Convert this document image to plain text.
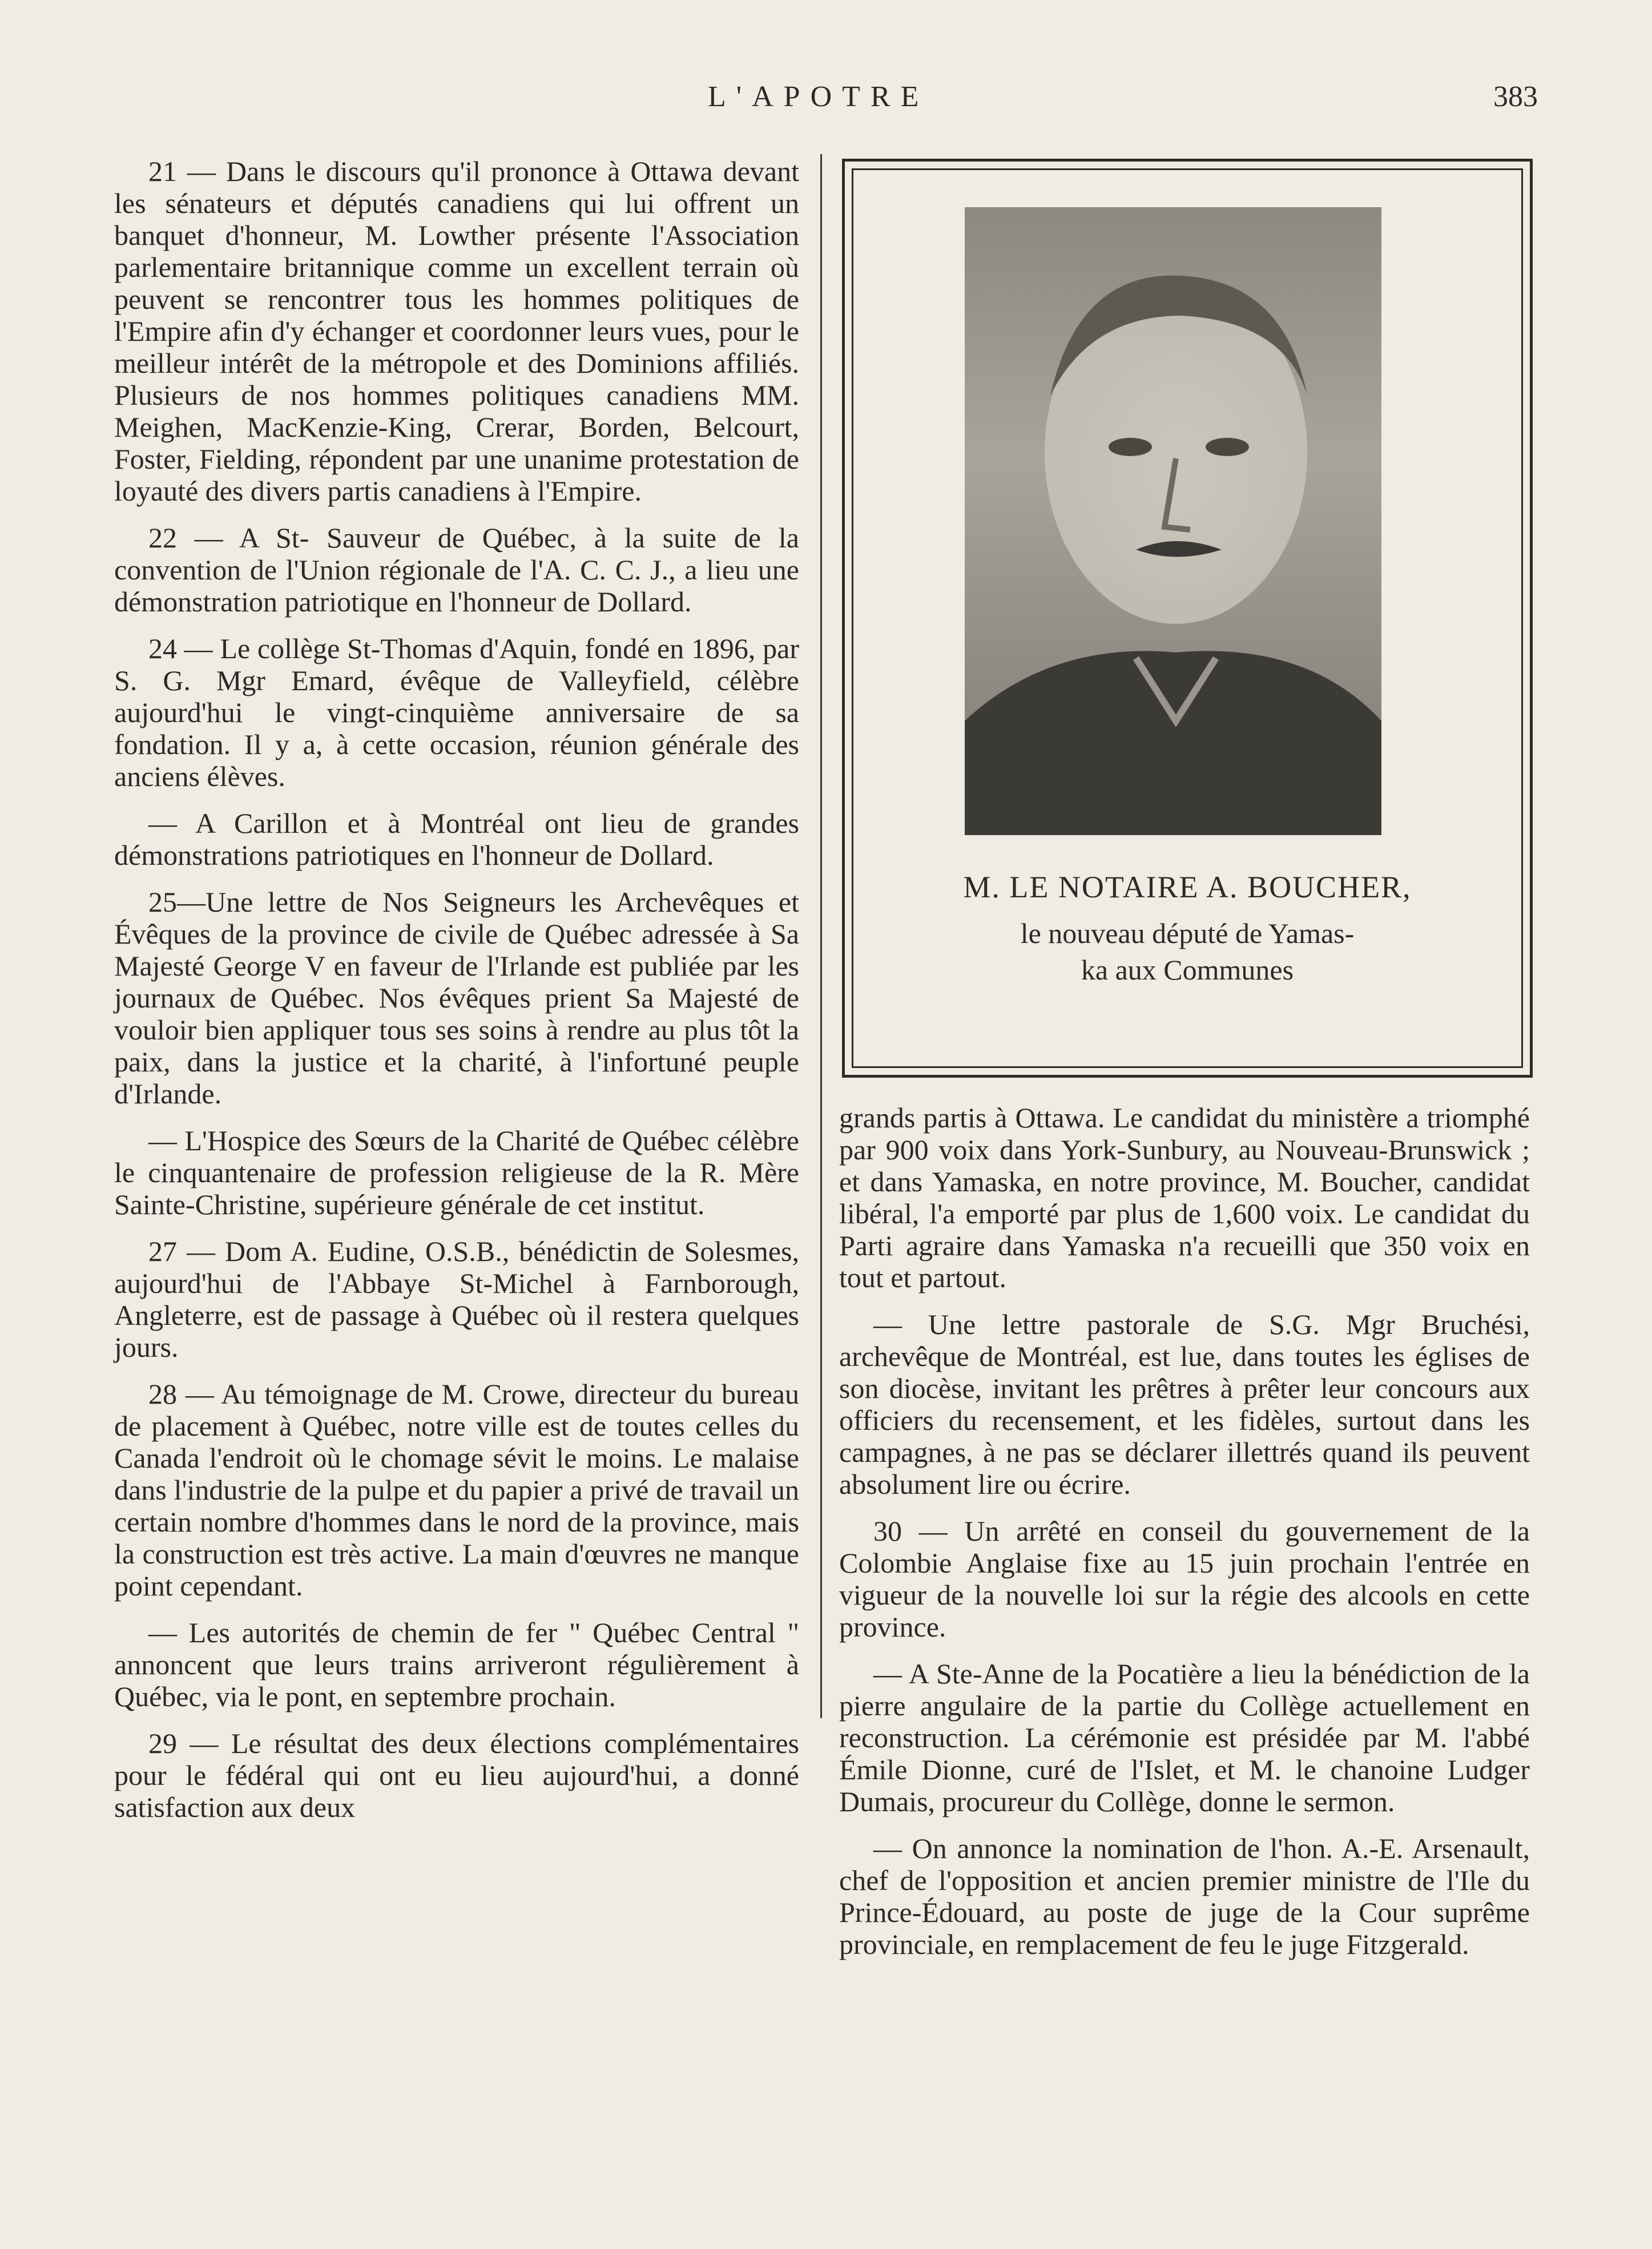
L'APOTRE	383

21 — Dans le discours qu'il prononce à Ottawa devant les sénateurs et députés canadiens qui lui offrent un banquet d'honneur, M. Lowther présente l'Association parlementaire britannique comme un excellent terrain où peuvent se rencontrer tous les hommes politiques de l'Empire afin d'y échanger et coordonner leurs vues, pour le meilleur intérêt de la métropole et des Dominions affiliés. Plusieurs de nos hommes politiques canadiens MM. Meighen, MacKenzie-King, Crerar, Borden, Belcourt, Foster, Fielding, répondent par une unanime protestation de loyauté des divers partis canadiens à l'Empire.

22 — A St- Sauveur de Québec, à la suite de la convention de l'Union régionale de l'A. C. C. J., a lieu une démonstration patriotique en l'honneur de Dollard.

24 — Le collège St-Thomas d'Aquin, fondé en 1896, par S. G. Mgr Emard, évêque de Valleyfield, célèbre aujourd'hui le vingt-cinquième anniversaire de sa fondation. Il y a, à cette occasion, réunion générale des anciens élèves.

— A Carillon et à Montréal ont lieu de grandes démonstrations patriotiques en l'honneur de Dollard.

25—Une lettre de Nos Seigneurs les Archevêques et Évêques de la province de civile de Québec adressée à Sa Majesté George V en faveur de l'Irlande est publiée par les journaux de Québec. Nos évêques prient Sa Majesté de vouloir bien appliquer tous ses soins à rendre au plus tôt la paix, dans la justice et la charité, à l'infortuné peuple d'Irlande.

— L'Hospice des Sœurs de la Charité de Québec célèbre le cinquantenaire de profession religieuse de la R. Mère Sainte-Christine, supérieure générale de cet institut.

27 — Dom A. Eudine, O.S.B., bénédictin de Solesmes, aujourd'hui de l'Abbaye St-Michel à Farnborough, Angleterre, est de passage à Québec où il restera quelques jours.

28 — Au témoignage de M. Crowe, directeur du bureau de placement à Québec, notre ville est de toutes celles du Canada l'endroit où le chomage sévit le moins. Le malaise dans l'industrie de la pulpe et du papier a privé de travail un certain nombre d'hommes dans le nord de la province, mais la construction est très active. La main d'œuvres ne manque point cependant.

— Les autorités de chemin de fer " Québec Central " annoncent que leurs trains arriveront régulièrement à Québec, via le pont, en septembre prochain.

29 — Le résultat des deux élections complémentaires pour le fédéral qui ont eu lieu aujourd'hui, a donné satisfaction aux deux

M. LE NOTAIRE A. BOUCHER,
le nouveau député de Yamas-
ka aux Communes

grands partis à Ottawa. Le candidat du ministère a triomphé par 900 voix dans York-Sunbury, au Nouveau-Brunswick ; et dans Yamaska, en notre province, M. Boucher, candidat libéral, l'a emporté par plus de 1,600 voix. Le candidat du Parti agraire dans Yamaska n'a recueilli que 350 voix en tout et partout.

— Une lettre pastorale de S.G. Mgr Bruchési, archevêque de Montréal, est lue, dans toutes les églises de son diocèse, invitant les prêtres à prêter leur concours aux officiers du recensement, et les fidèles, surtout dans les campagnes, à ne pas se déclarer illettrés quand ils peuvent absolument lire ou écrire.

30 — Un arrêté en conseil du gouvernement de la Colombie Anglaise fixe au 15 juin prochain l'entrée en vigueur de la nouvelle loi sur la régie des alcools en cette province.

— A Ste-Anne de la Pocatière a lieu la bénédiction de la pierre angulaire de la partie du Collège actuellement en reconstruction. La cérémonie est présidée par M. l'abbé Émile Dionne, curé de l'Islet, et M. le chanoine Ludger Dumais, procureur du Collège, donne le sermon.

— On annonce la nomination de l'hon. A.-E. Arsenault, chef de l'opposition et ancien premier ministre de l'Ile du Prince-Édouard, au poste de juge de la Cour suprême provinciale, en remplacement de feu le juge Fitzgerald.
